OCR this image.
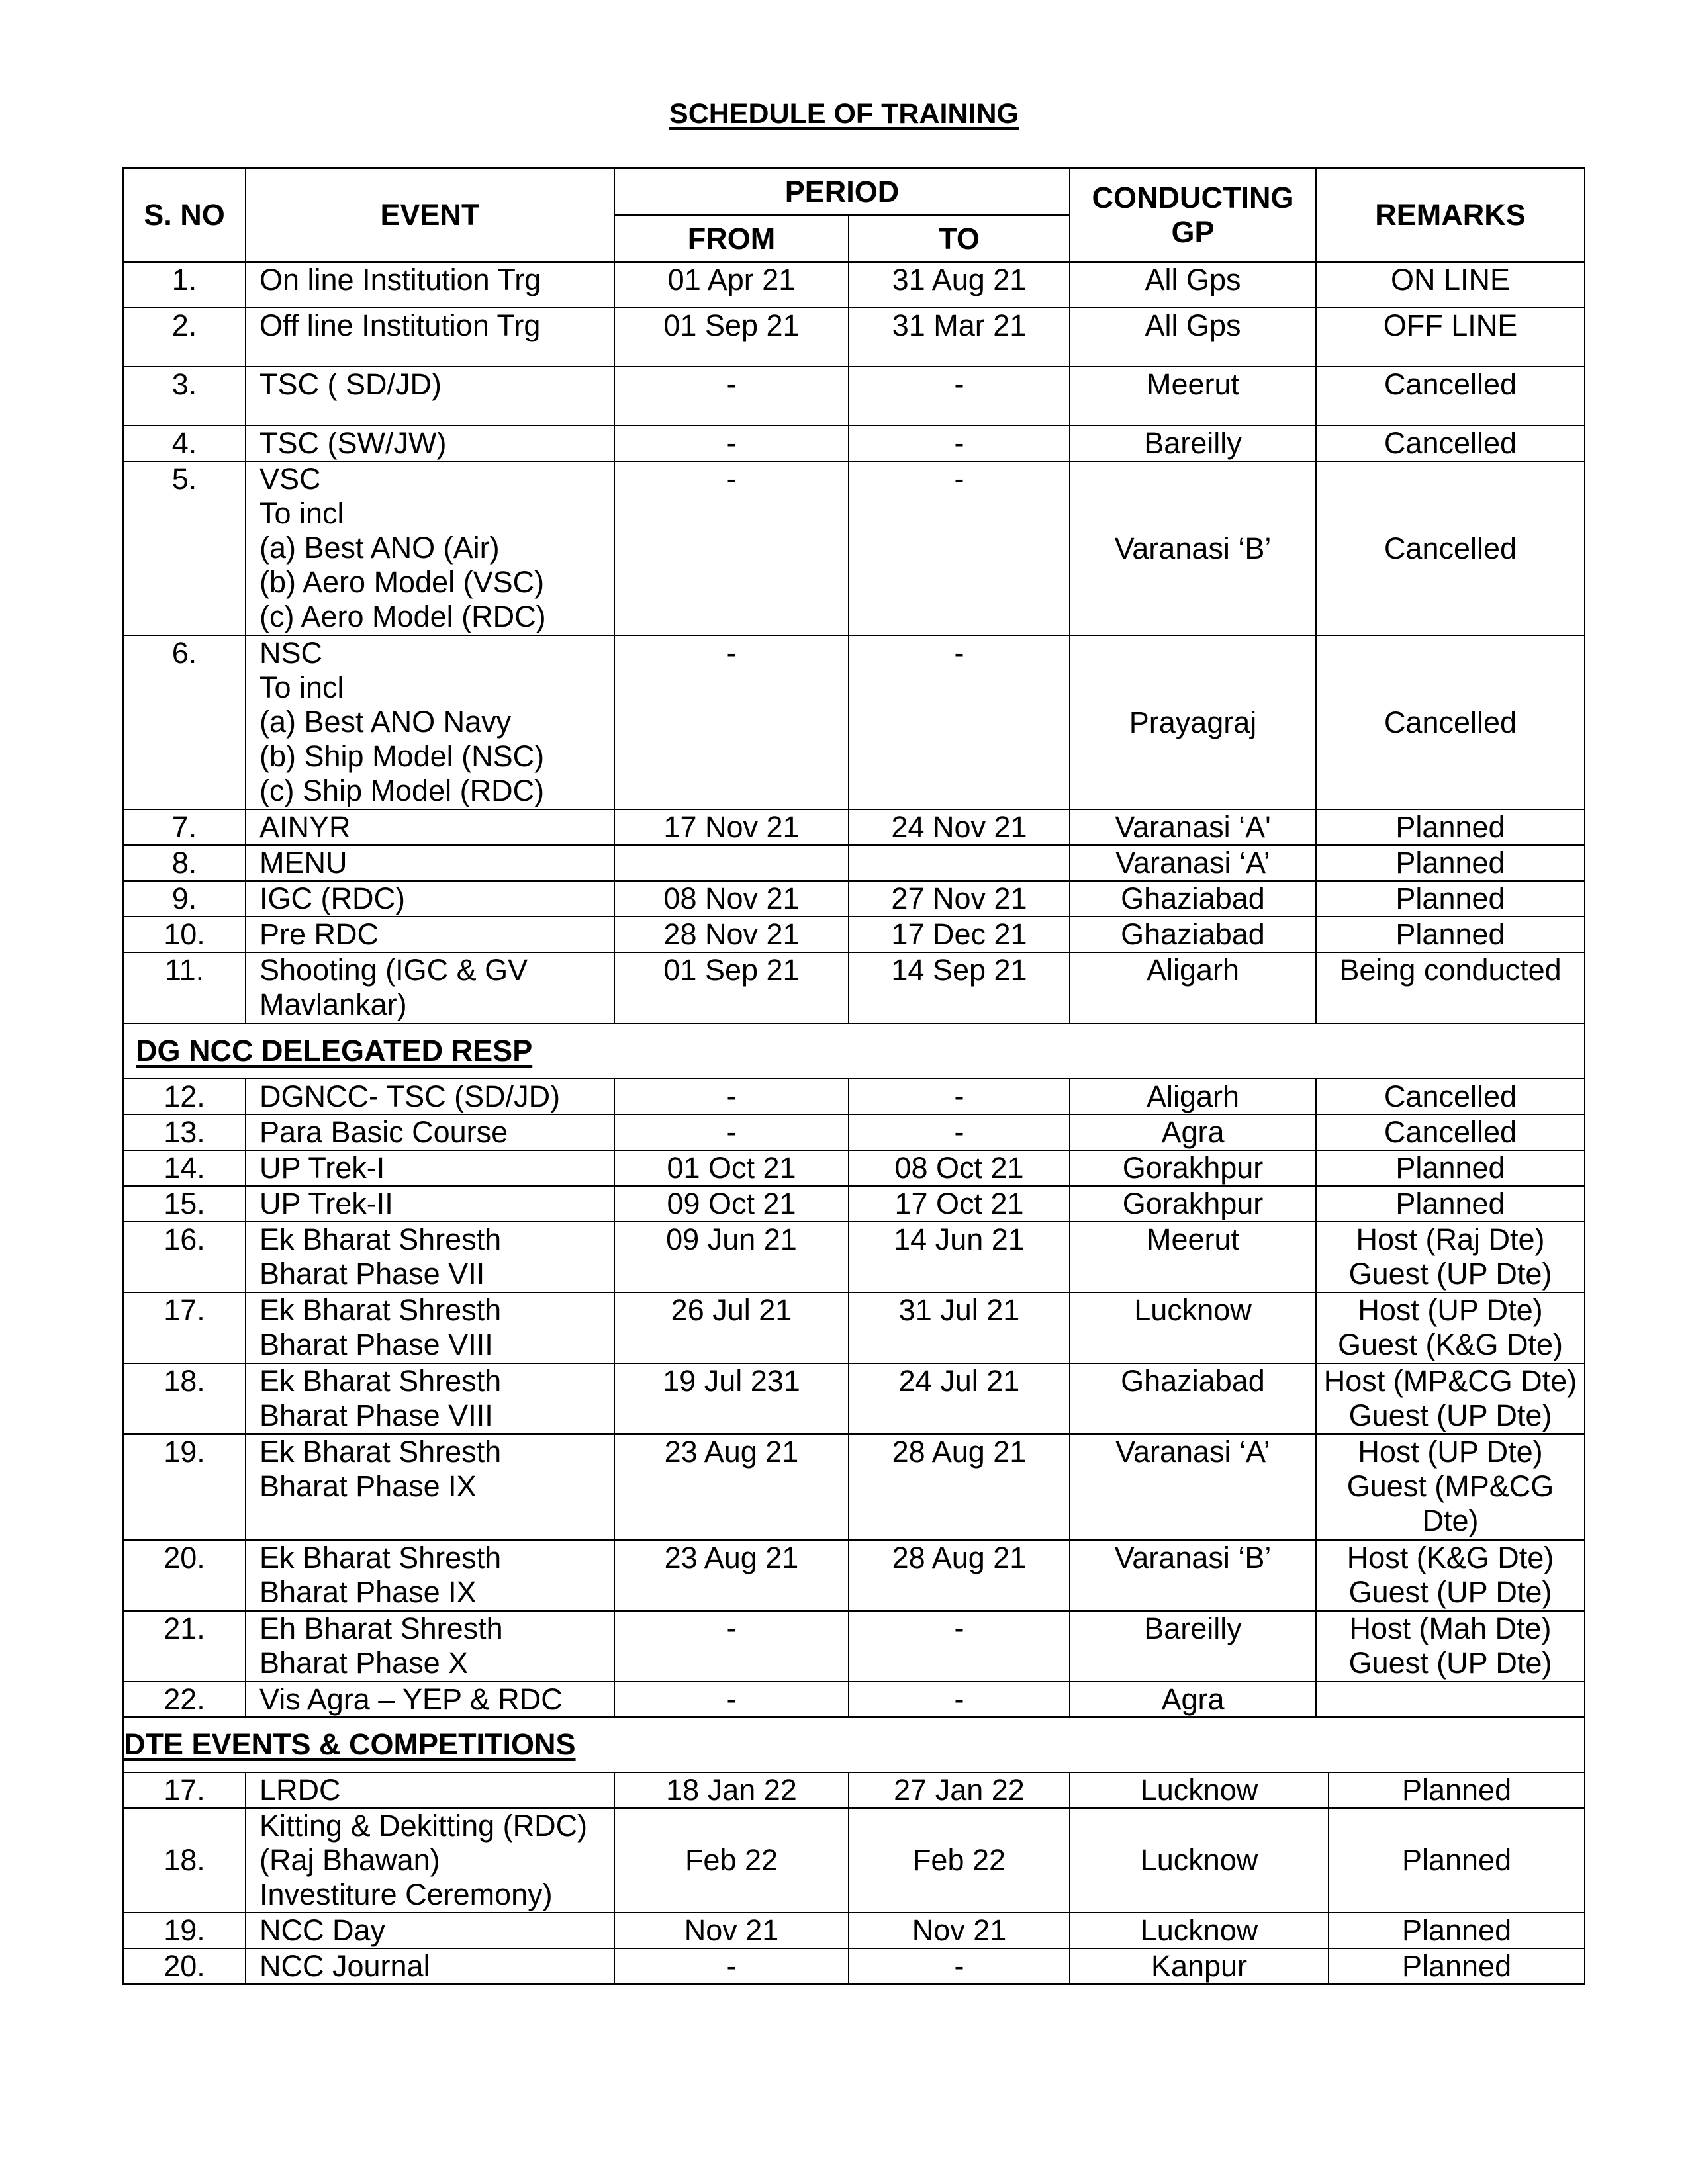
SCHEDULE OF TRAINING
S. NO	EVENT	PERIOD		CONDUCTING GP	REMARKS
		FROM	TO		
1.	On line Institution Trg	01 Apr 21	31 Aug 21	All Gps	ON LINE
2.	Off line Institution Trg	01 Sep 21	31 Mar 21	All Gps	OFF LINE
3.	TSC ( SD/JD)	-	-	Meerut	Cancelled
4.	TSC (SW/JW)	-	-	Bareilly	Cancelled
5.	VSC
To incl
(a) Best ANO (Air)
(b) Aero Model (VSC)
(c) Aero Model (RDC)	-	-	Varanasi ‘B’	Cancelled
6.	NSC
To incl
(a) Best ANO Navy
(b) Ship Model (NSC)
(c) Ship Model (RDC)	-	-	Prayagraj	Cancelled
7.	AINYR	17 Nov 21	24 Nov 21	Varanasi ‘A'	Planned
8.	MENU			Varanasi ‘A’	Planned
9.	IGC (RDC)	08 Nov 21	27 Nov 21	Ghaziabad	Planned
10.	Pre RDC	28 Nov 21	17 Dec 21	Ghaziabad	Planned
11.	Shooting (IGC & GV
Mavlankar)	01 Sep 21	14 Sep 21	Aligarh	Being conducted
DG NCC DELEGATED RESP					
12.	DGNCC- TSC (SD/JD)	-	-	Aligarh	Cancelled
13.	Para Basic Course	-	-	Agra	Cancelled
14.	UP Trek-I	01 Oct 21	08 Oct 21	Gorakhpur	Planned
15.	UP Trek-II	09 Oct 21	17 Oct 21	Gorakhpur	Planned
16.	Ek Bharat Shresth
Bharat Phase VII	09 Jun 21	14 Jun 21	Meerut	Host (Raj Dte)
Guest (UP Dte)

17.	Ek Bharat Shresth
Bharat Phase VIII	26 Jul 21	31 Jul 21	Lucknow	Host (UP Dte)
Guest (K&G Dte)

18.	Ek Bharat Shresth
Bharat Phase VIII	19 Jul 231	24 Jul 21	Ghaziabad	Host (MP&CG Dte)
Guest (UP Dte)

19.	Ek Bharat Shresth
Bharat Phase IX	23 Aug 21	28 Aug 21	Varanasi ‘A’	Host (UP Dte)
Guest (MP&CG
Dte)

20.	Ek Bharat Shresth
Bharat Phase IX	23 Aug 21	28 Aug 21	Varanasi ‘B’	Host (K&G Dte)
Guest (UP Dte)

21.	Eh Bharat Shresth
Bharat Phase X	-	-	Bareilly	Host (Mah Dte)
Guest (UP Dte)

22.	Vis Agra – YEP & RDC	-	-	Agra	
DTE EVENTS & COMPETITIONS					
17.	LRDC	18 Jan 22	27 Jan 22	Lucknow	Planned
18.	Kitting & Dekitting (RDC)
(Raj Bhawan)
Investiture Ceremony)	Feb 22	Feb 22	Lucknow	Planned
19.	NCC Day	Nov 21	Nov 21	Lucknow	Planned
20.	NCC Journal	-	-	Kanpur	Planned
